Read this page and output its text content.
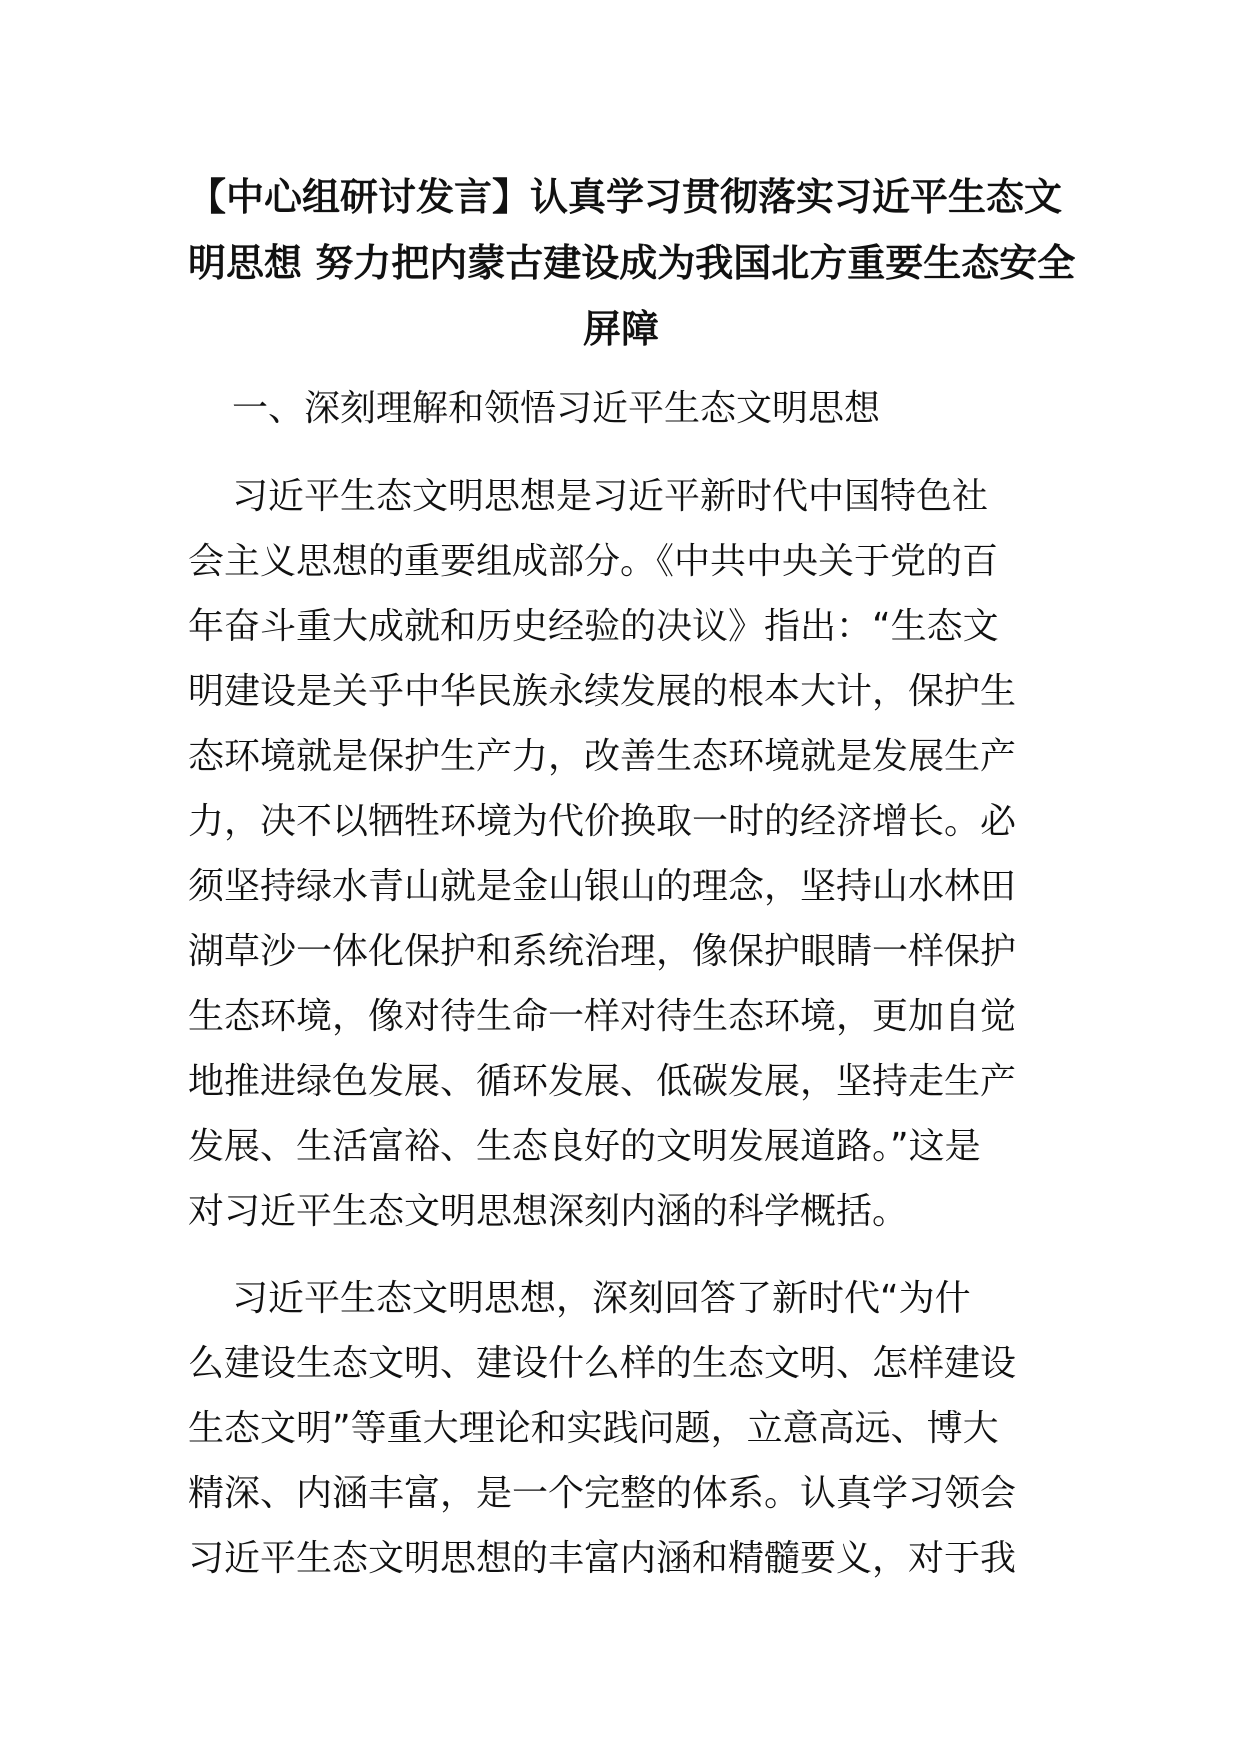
【中心组研讨发言】认真学习贯彻落实习近平生态文
明思想 努力把内蒙古建设成为我国北方重要生态安全
屏障
一、深刻理解和领悟习近平生态文明思想

习近平生态文明思想是习近平新时代中国特色社
会主义思想的重要组成部分。《中共中央关于党的百
年奋斗重大成就和历史经验的决议》指出：“生态文
明建设是关乎中华民族永续发展的根本大计，保护生
态环境就是保护生产力，改善生态环境就是发展生产
力，决不以牺牲环境为代价换取一时的经济增长。必
须坚持绿水青山就是金山银山的理念，坚持山水林田
湖草沙一体化保护和系统治理，像保护眼睛一样保护
生态环境，像对待生命一样对待生态环境，更加自觉
地推进绿色发展、循环发展、低碳发展，坚持走生产
发展、生活富裕、生态良好的文明发展道路。”这是
对习近平生态文明思想深刻内涵的科学概括。

习近平生态文明思想，深刻回答了新时代“为什
么建设生态文明、建设什么样的生态文明、怎样建设
生态文明”等重大理论和实践问题，立意高远、博大
精深、内涵丰富，是一个完整的体系。认真学习领会
习近平生态文明思想的丰富内涵和精髓要义，对于我
